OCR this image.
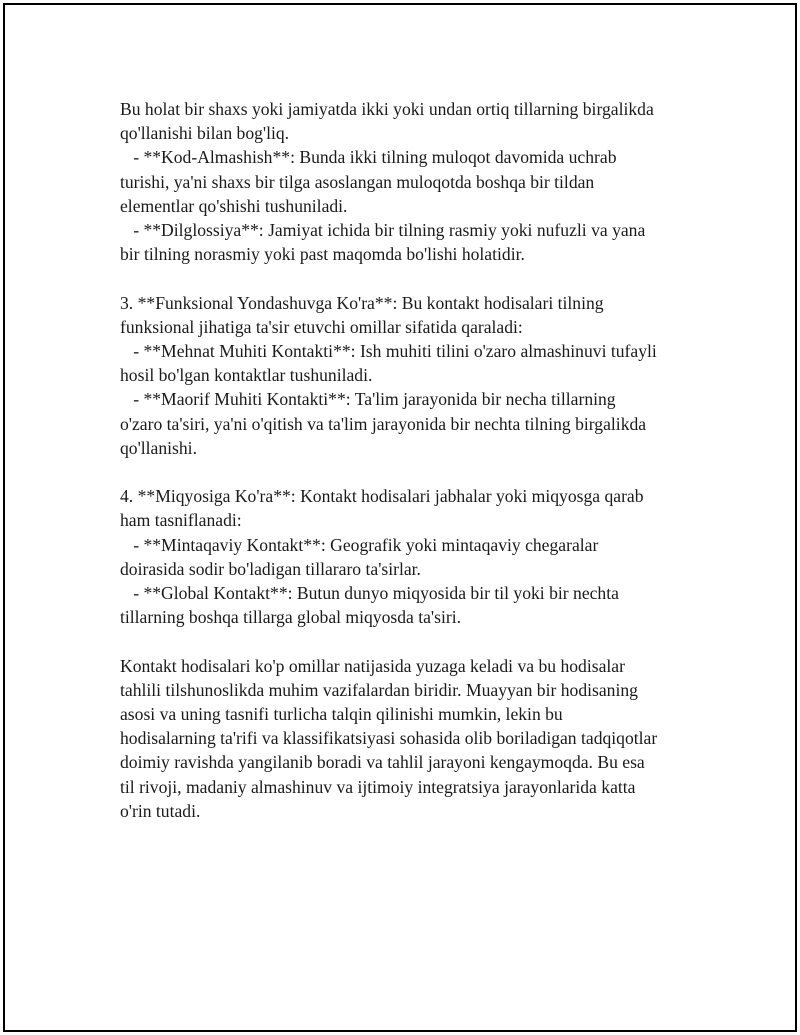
Bu holat bir shaxs yoki jamiyatda ikki yoki undan ortiq tillarning birgalikda

qo'llanishi bilan bog'liq.

- **Kod-Almashish**: Bunda ikki tilning muloqot davomida uchrab

turishi, ya'ni shaxs bir tilga asoslangan muloqotda boshqa bir tildan

elementlar qo'shishi tushuniladi.

- **Dilglossiya**: Jamiyat ichida bir tilning rasmiy yoki nufuzli va yana

bir tilning norasmiy yoki past maqomda bo'lishi holatidir.

3. **Funksional Yondashuvga Ko'ra**: Bu kontakt hodisalari tilning

funksional jihatiga ta'sir etuvchi omillar sifatida qaraladi:

- **Mehnat Muhiti Kontakti**: Ish muhiti tilini o'zaro almashinuvi tufayli

hosil bo'lgan kontaktlar tushuniladi.

- **Maorif Muhiti Kontakti**: Ta'lim jarayonida bir necha tillarning

o'zaro ta'siri, ya'ni o'qitish va ta'lim jarayonida bir nechta tilning birgalikda

qo'llanishi.

4. **Miqyosiga Ko'ra**: Kontakt hodisalari jabhalar yoki miqyosga qarab

ham tasniflanadi:

- **Mintaqaviy Kontakt**: Geografik yoki mintaqaviy chegaralar

doirasida sodir bo'ladigan tillararo ta'sirlar.

- **Global Kontakt**: Butun dunyo miqyosida bir til yoki bir nechta

tillarning boshqa tillarga global miqyosda ta'siri.

Kontakt hodisalari ko'p omillar natijasida yuzaga keladi va bu hodisalar

tahlili tilshunoslikda muhim vazifalardan biridir. Muayyan bir hodisaning

asosi va uning tasnifi turlicha talqin qilinishi mumkin, lekin bu

hodisalarning ta'rifi va klassifikatsiyasi sohasida olib boriladigan tadqiqotlar

doimiy ravishda yangilanib boradi va tahlil jarayoni kengaymoqda. Bu esa

til rivoji, madaniy almashinuv va ijtimoiy integratsiya jarayonlarida katta

o'rin tutadi.
